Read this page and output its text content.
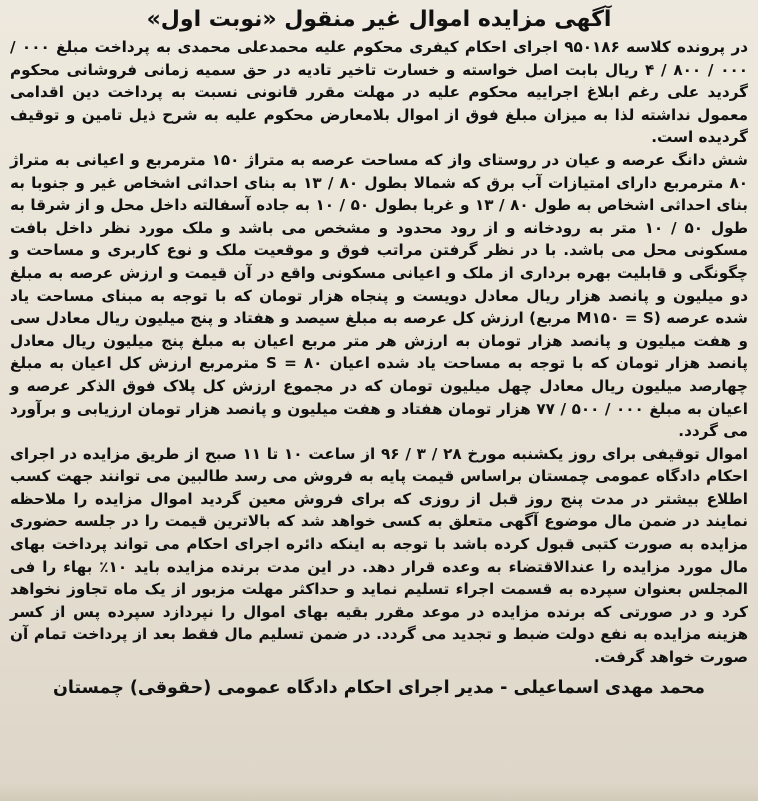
آگهی مزایده اموال غیر منقول «نوبت اول»

در پرونده کلاسه ۹۵۰۱۸۶ اجرای احکام کیفری محکوم علیه محمدعلی محمدی به پرداخت مبلغ ۰۰۰ / ۰۰۰ / ۸۰۰ / ۴ ریال بابت اصل خواسته و خسارت تاخیر تادیه در حق سمیه زمانی فروشانی محکوم گردید علی رغم ابلاغ اجراییه محکوم علیه در مهلت مقرر قانونی نسبت به پرداخت دین اقدامی معمول نداشته لذا به میزان مبلغ فوق از اموال بلامعارض محکوم علیه به شرح ذیل تامین و توقیف گردیده است.

شش دانگ عرصه و عیان در روستای واز که مساحت عرصه به متراژ ۱۵۰ مترمربع و اعیانی به متراژ ۸۰ مترمربع دارای امتیازات آب برق که شمالا بطول ۸۰ / ۱۳ به بنای احداثی اشخاص غیر و جنوبا به بنای احداثی اشخاص به طول ۸۰ / ۱۳ و غربا بطول ۵۰ / ۱۰ به جاده آسفالته داخل محل و از شرقا به طول ۵۰ / ۱۰ متر به رودخانه و از رود محدود و مشخص می باشد و ملک مورد نظر داخل بافت مسکونی محل می باشد. با در نظر گرفتن مراتب فوق و موقعیت ملک و نوع کاربری و مساحت و چگونگی و قابلیت بهره برداری از ملک و اعیانی مسکونی واقع در آن قیمت و ارزش عرصه به مبلغ دو میلیون و پانصد هزار ریال معادل دویست و پنجاه هزار تومان که با توجه به مبنای مساحت یاد شده عرصه (M۱۵۰ = S مربع) ارزش کل عرصه به مبلغ سیصد و هفتاد و پنج میلیون ریال معادل سی و هفت میلیون و پانصد هزار تومان به ارزش هر متر مربع اعیان به مبلغ پنج میلیون ریال معادل پانصد هزار تومان که با توجه به مساحت یاد شده اعیان ۸۰ = S مترمربع ارزش کل اعیان به مبلغ چهارصد میلیون ریال معادل چهل میلیون تومان که در مجموع ارزش کل پلاک فوق الذکر عرصه و اعیان به مبلغ ۰۰۰ / ۵۰۰ / ۷۷ هزار تومان هفتاد و هفت میلیون و پانصد هزار تومان ارزیابی و برآورد می گردد.

اموال توقیفی برای روز یکشنبه مورخ ۲۸ / ۳ / ۹۶ از ساعت ۱۰ تا ۱۱ صبح از طریق مزایده در اجرای احکام دادگاه عمومی چمستان براساس قیمت پایه به فروش می رسد طالبین می توانند جهت کسب اطلاع بیشتر در مدت پنج روز قبل از روزی که برای فروش معین گردید اموال مزایده را ملاحظه نمایند در ضمن مال موضوع آگهی متعلق به کسی خواهد شد که بالاترین قیمت را در جلسه حضوری مزایده به صورت کتبی قبول کرده باشد با توجه به اینکه دائره اجرای احکام می تواند پرداخت بهای مال مورد مزایده را عندالاقتضاء به وعده قرار دهد. در این مدت برنده مزایده باید ۱۰٪ بهاء را فی المجلس بعنوان سپرده به قسمت اجراء تسلیم نماید و حداکثر مهلت مزبور از یک ماه تجاوز نخواهد کرد و در صورتی که برنده مزایده در موعد مقرر بقیه بهای اموال را نپردازد سپرده پس از کسر هزینه مزایده به نفع دولت ضبط و تجدید می گردد. در ضمن تسلیم مال فقط بعد از پرداخت تمام آن صورت خواهد گرفت.

محمد مهدی اسماعیلی - مدیر اجرای احکام دادگاه عمومی (حقوقی) چمستان
